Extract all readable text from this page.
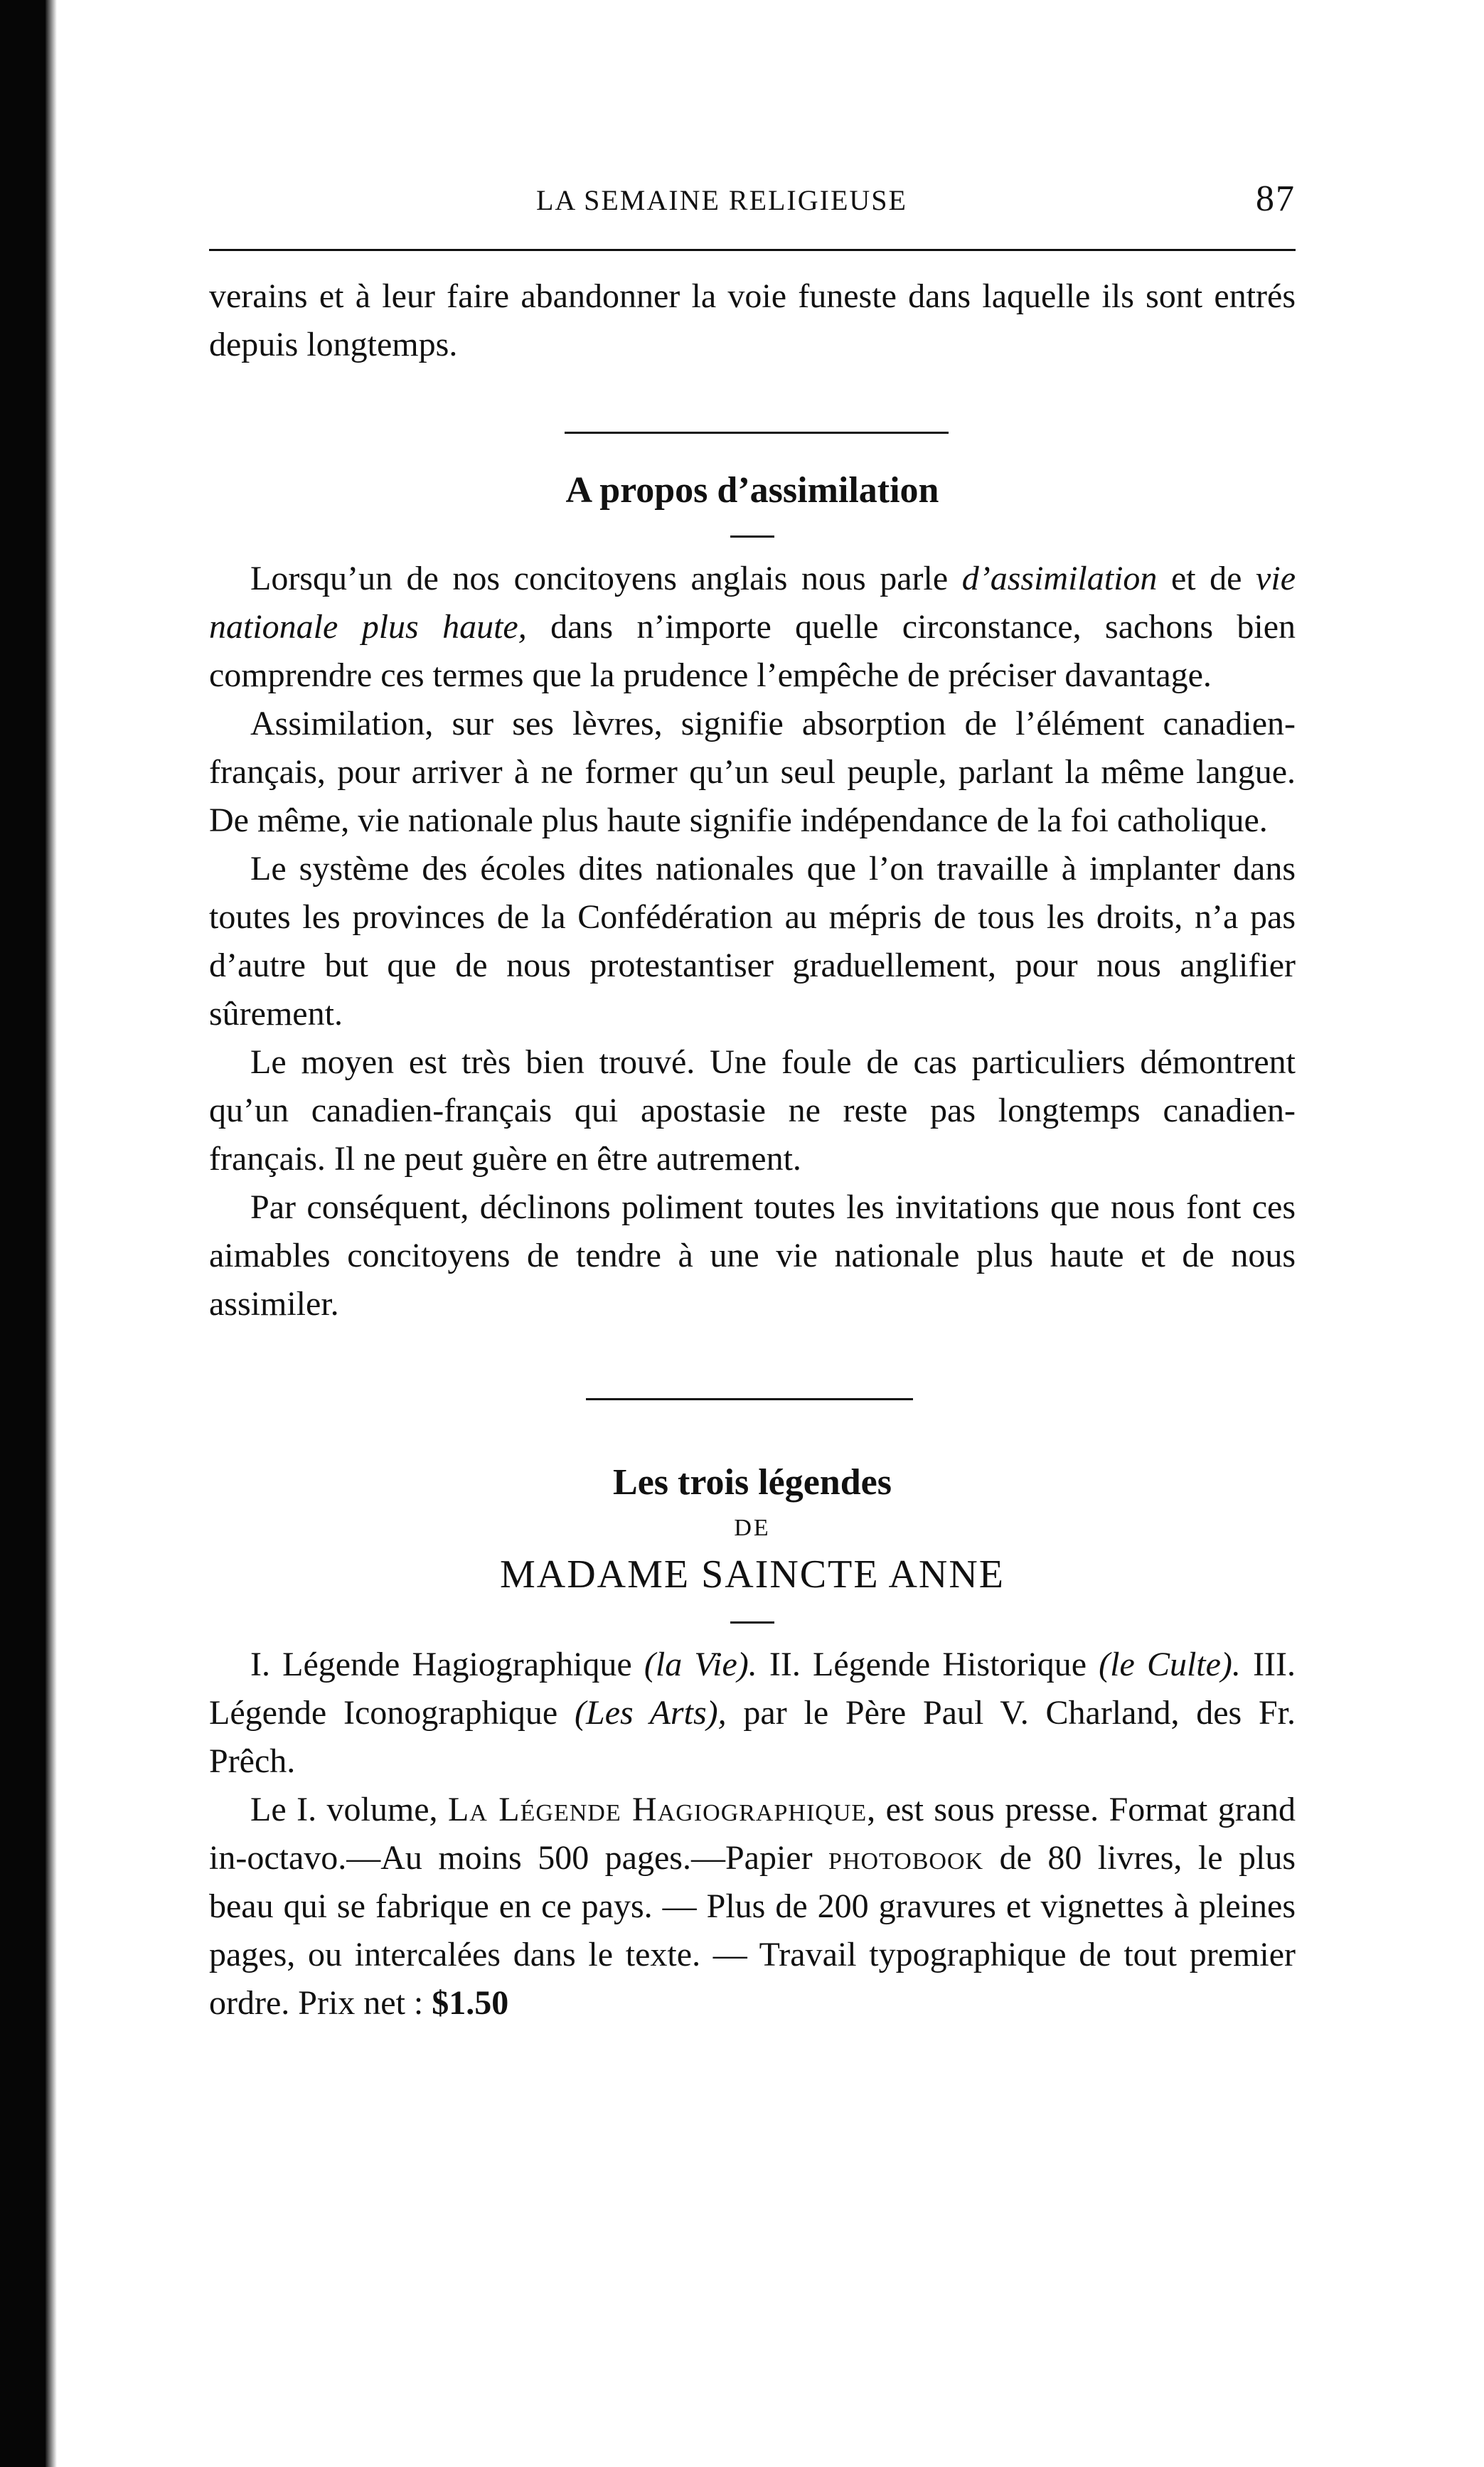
LA SEMAINE RELIGIEUSE	87

verains et à leur faire abandonner la voie funeste dans laquelle ils sont entrés depuis longtemps.

A propos d’assimilation

Lorsqu’un de nos concitoyens anglais nous parle d’assimilation et de vie nationale plus haute, dans n’importe quelle circonstance, sachons bien comprendre ces termes que la prudence l’empêche de préciser davantage.

Assimilation, sur ses lèvres, signifie absorption de l’élément canadien-français, pour arriver à ne former qu’un seul peuple, parlant la même langue. De même, vie nationale plus haute signifie indépendance de la foi catholique.

Le système des écoles dites nationales que l’on travaille à implanter dans toutes les provinces de la Confédération au mépris de tous les droits, n’a pas d’autre but que de nous protestantiser graduellement, pour nous anglifier sûrement.

Le moyen est très bien trouvé. Une foule de cas particuliers démontrent qu’un canadien-français qui apostasie ne reste pas longtemps canadien-français. Il ne peut guère en être autrement.

Par conséquent, déclinons poliment toutes les invitations que nous font ces aimables concitoyens de tendre à une vie nationale plus haute et de nous assimiler.

Les trois légendes

DE

MADAME SAINCTE ANNE

I. Légende Hagiographique (la Vie). II. Légende Historique (le Culte). III. Légende Iconographique (Les Arts), par le Père Paul V. Charland, des Fr. Prêch.

Le I. volume, La Légende Hagiographique, est sous presse. Format grand in-octavo.—Au moins 500 pages.—Papier photobook de 80 livres, le plus beau qui se fabrique en ce pays. — Plus de 200 gravures et vignettes à pleines pages, ou intercalées dans le texte. — Travail typographique de tout premier ordre. Prix net : $1.50
